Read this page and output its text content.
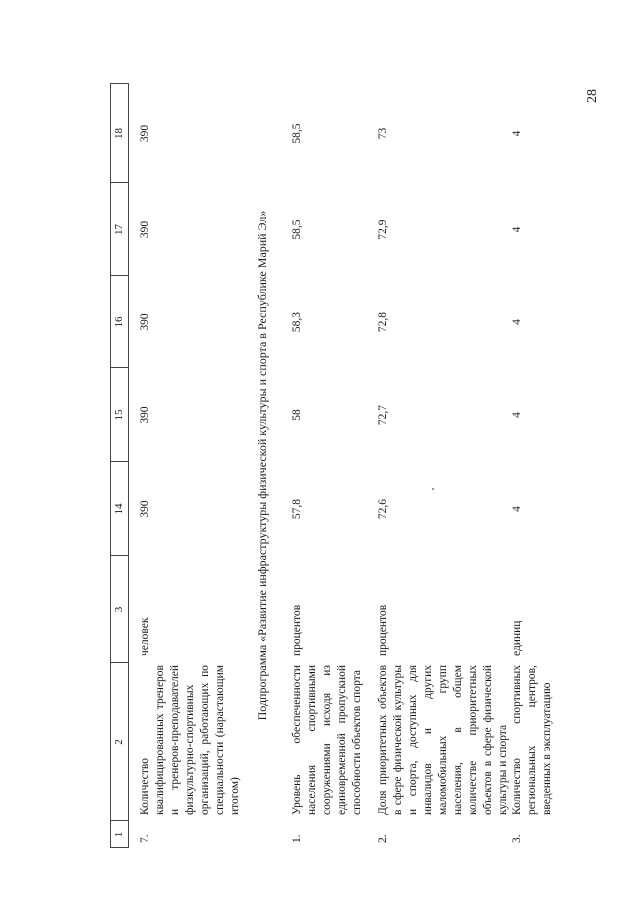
28
1
2
3
14
15
16
17
18
7.
Количество квалифицированных тренеров и тренеров-преподавателей физкультурно-спортивных организаций, работающих по специальности (нарастающим итогом)
человек
390
390
390
390
390
Подпрограмма «Развитие инфраструктуры физической культуры и спорта в Республике Марий Эл»
1.
Уровень обеспеченности населения спортивными сооружениями исходя из единовременной пропускной способности объектов спорта
процентов
57,8
58
58,3
58,5
58,5
2.
Доля приоритетных объектов в сфере физической культуры и спорта, доступных для инвалидов и других маломобильных групп населения, в общем количестве приоритетных объектов в сфере физической культуры и спорта
процентов
72,6
72,7
72,8
72,9
73
3.
Количество спортивных региональных центров, введенных в эксплуатацию
единиц
4
4
4
4
4
